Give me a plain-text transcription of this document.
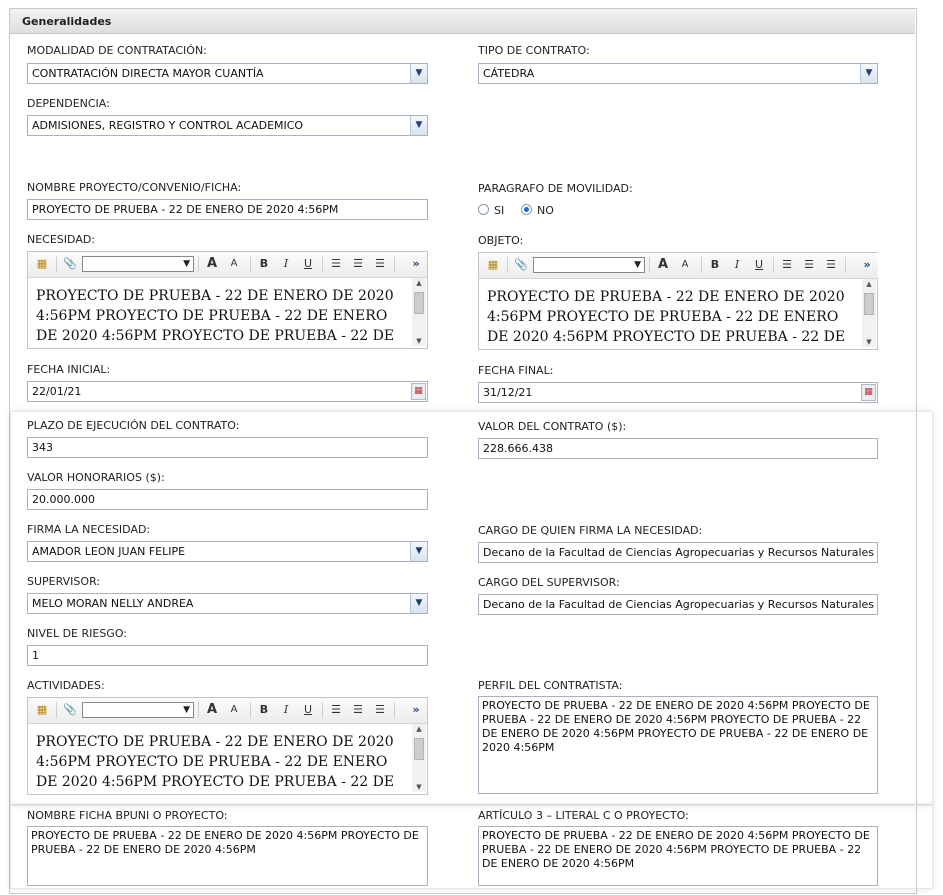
Generalidades
MODALIDAD DE CONTRATACIÓN:
CONTRATACIÓN DIRECTA MAYOR CUANTÍA	▼
TIPO DE CONTRATO:
CÁTEDRA	▼
DEPENDENCIA:
ADMISIONES, REGISTRO Y CONTROL ACADEMICO	▼
NOMBRE PROYECTO/CONVENIO/FICHA:
PROYECTO DE PRUEBA - 22 DE ENERO DE 2020 4:56PM
PARAGRAFO DE MOVILIDAD:
SI	NO
NECESIDAD:
▦ 📎	▼	A	A	B	I	U	☰ ☰ ☰	»
PROYECTO DE PRUEBA - 22 DE ENERO DE 2020
4:56PM PROYECTO DE PRUEBA - 22 DE ENERO
DE 2020 4:56PM PROYECTO DE PRUEBA - 22 DE
▲
▼
OBJETO:
▦ 📎	▼	A	A	B	I	U	☰ ☰ ☰	»
PROYECTO DE PRUEBA - 22 DE ENERO DE 2020
4:56PM PROYECTO DE PRUEBA - 22 DE ENERO
DE 2020 4:56PM PROYECTO DE PRUEBA - 22 DE
▲
▼
FECHA INICIAL:
22/01/21	▦
FECHA FINAL:
31/12/21	▦
PLAZO DE EJECUCIÓN DEL CONTRATO:
343
VALOR DEL CONTRATO ($):
228.666.438
VALOR HONORARIOS ($):
20.000.000
FIRMA LA NECESIDAD:
AMADOR LEON JUAN FELIPE	▼
CARGO DE QUIEN FIRMA LA NECESIDAD:
Decano de la Facultad de Ciencias Agropecuarias y Recursos Naturales
SUPERVISOR:
MELO MORAN NELLY ANDREA	▼
CARGO DEL SUPERVISOR:
Decano de la Facultad de Ciencias Agropecuarias y Recursos Naturales
NIVEL DE RIESGO:
1
ACTIVIDADES:
▦ 📎	▼	A	A	B	I	U	☰ ☰ ☰	»
PROYECTO DE PRUEBA - 22 DE ENERO DE 2020
4:56PM PROYECTO DE PRUEBA - 22 DE ENERO
DE 2020 4:56PM PROYECTO DE PRUEBA - 22 DE
▲
▼
PERFIL DEL CONTRATISTA:
PROYECTO DE PRUEBA - 22 DE ENERO DE 2020 4:56PM PROYECTO DE PRUEBA - 22 DE ENERO DE 2020 4:56PM PROYECTO DE PRUEBA - 22 DE ENERO DE 2020 4:56PM PROYECTO DE PRUEBA - 22 DE ENERO DE 2020 4:56PM
NOMBRE FICHA BPUNI O PROYECTO:
PROYECTO DE PRUEBA - 22 DE ENERO DE 2020 4:56PM PROYECTO DE PRUEBA - 22 DE ENERO DE 2020 4:56PM
ARTÍCULO 3 – LITERAL C O PROYECTO:
PROYECTO DE PRUEBA - 22 DE ENERO DE 2020 4:56PM PROYECTO DE PRUEBA - 22 DE ENERO DE 2020 4:56PM PROYECTO DE PRUEBA - 22 DE ENERO DE 2020 4:56PM
